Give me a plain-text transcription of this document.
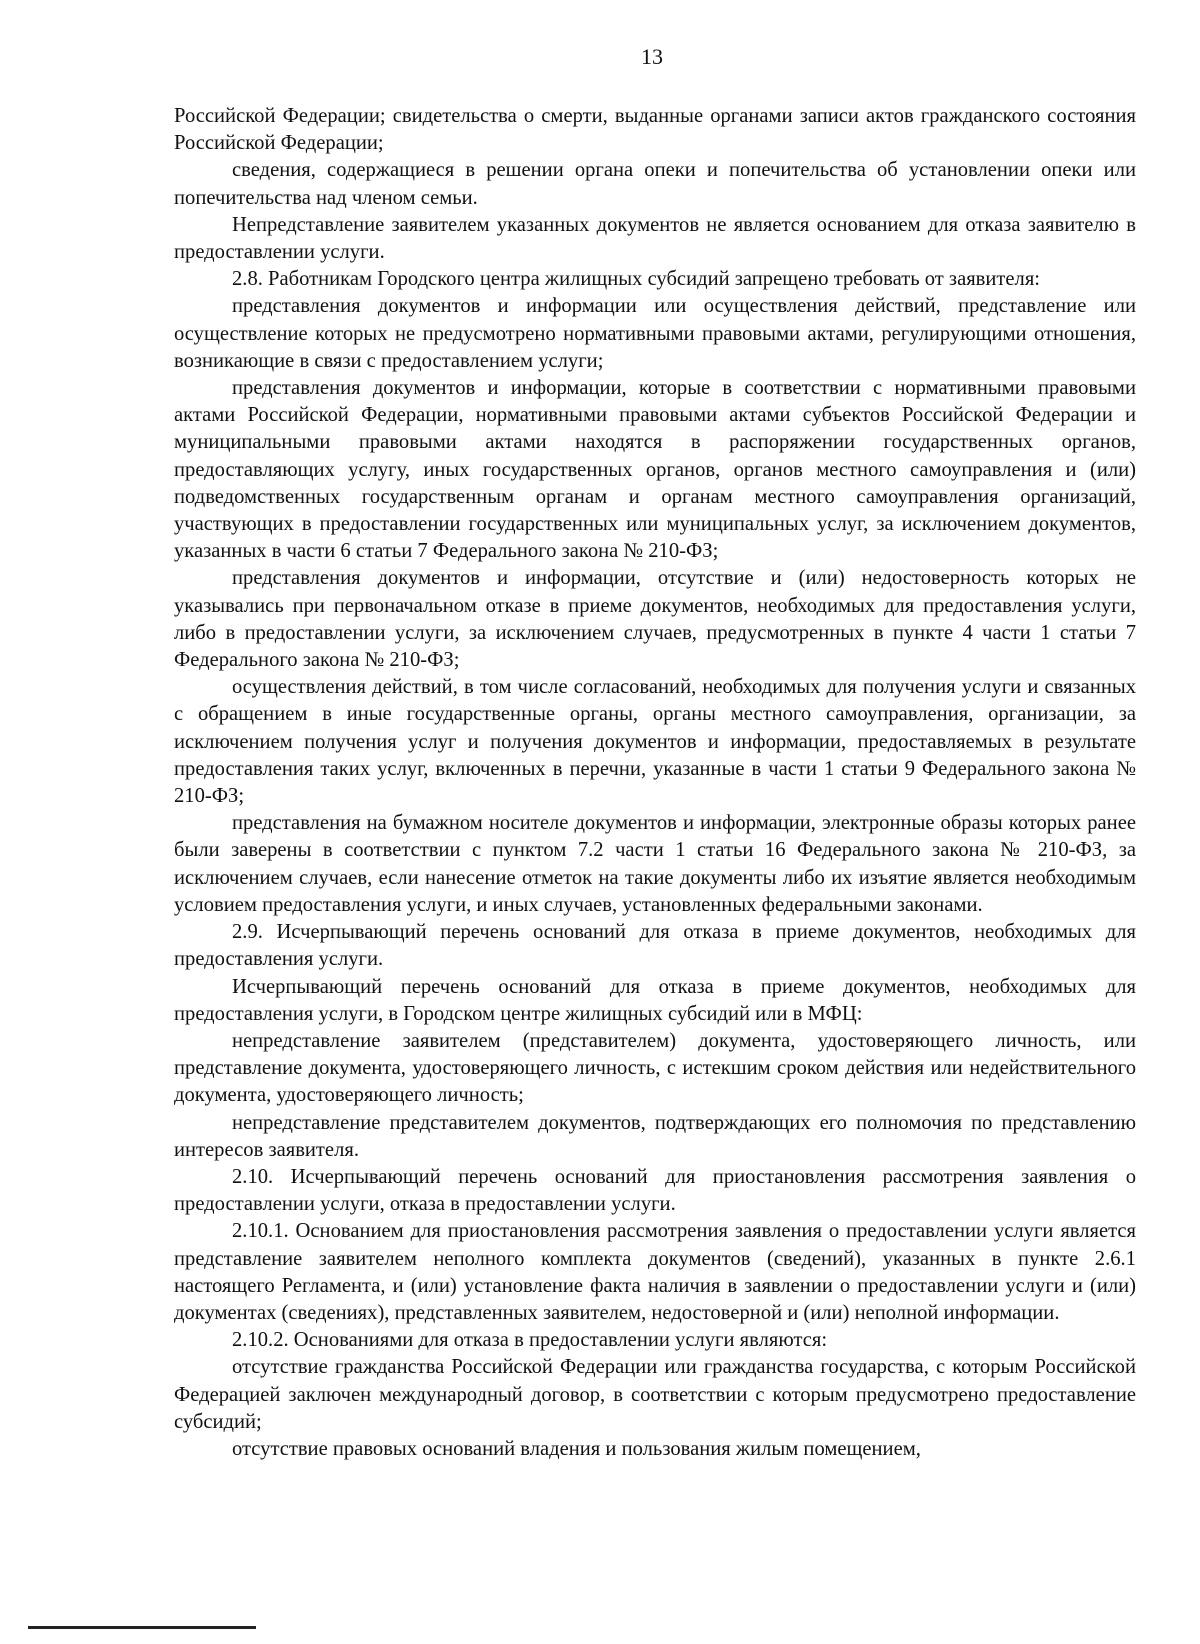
13

Российской Федерации; свидетельства о смерти, выданные органами записи актов гражданского состояния Российской Федерации;

сведения, содержащиеся в решении органа опеки и попечительства об установлении опеки или попечительства над членом семьи.

Непредставление заявителем указанных документов не является основанием для отказа заявителю в предоставлении услуги.

2.8. Работникам Городского центра жилищных субсидий запрещено требовать от заявителя:

представления документов и информации или осуществления действий, представление или осуществление которых не предусмотрено нормативными правовыми актами, регулирующими отношения, возникающие в связи с предоставлением услуги;

представления документов и информации, которые в соответствии с нормативными правовыми актами Российской Федерации, нормативными правовыми актами субъектов Российской Федерации и муниципальными правовыми актами находятся в распоряжении государственных органов, предоставляющих услугу, иных государственных органов, органов местного самоуправления и (или) подведомственных государственным органам и органам местного самоуправления организаций, участвующих в предоставлении государственных или муниципальных услуг, за исключением документов, указанных в части 6 статьи 7 Федерального закона № 210-ФЗ;

представления документов и информации, отсутствие и (или) недостоверность которых не указывались при первоначальном отказе в приеме документов, необходимых для предоставления услуги, либо в предоставлении услуги, за исключением случаев, предусмотренных в пункте 4 части 1 статьи 7 Федерального закона № 210-ФЗ;

осуществления действий, в том числе согласований, необходимых для получения услуги и связанных с обращением в иные государственные органы, органы местного самоуправления, организации, за исключением получения услуг и получения документов и информации, предоставляемых в результате предоставления таких услуг, включенных в перечни, указанные в части 1 статьи 9 Федерального закона № 210-ФЗ;

представления на бумажном носителе документов и информации, электронные образы которых ранее были заверены в соответствии с пунктом 7.2 части 1 статьи 16 Федерального закона № 210-ФЗ, за исключением случаев, если нанесение отметок на такие документы либо их изъятие является необходимым условием предоставления услуги, и иных случаев, установленных федеральными законами.

2.9. Исчерпывающий перечень оснований для отказа в приеме документов, необходимых для предоставления услуги.

Исчерпывающий перечень оснований для отказа в приеме документов, необходимых для предоставления услуги, в Городском центре жилищных субсидий или в МФЦ:

непредставление заявителем (представителем) документа, удостоверяющего личность, или представление документа, удостоверяющего личность, с истекшим сроком действия или недействительного документа, удостоверяющего личность;

непредставление представителем документов, подтверждающих его полномочия по представлению интересов заявителя.

2.10. Исчерпывающий перечень оснований для приостановления рассмотрения заявления о предоставлении услуги, отказа в предоставлении услуги.

2.10.1. Основанием для приостановления рассмотрения заявления о предоставлении услуги является представление заявителем неполного комплекта документов (сведений), указанных в пункте 2.6.1 настоящего Регламента, и (или) установление факта наличия в заявлении о предоставлении услуги и (или) документах (сведениях), представленных заявителем, недостоверной и (или) неполной информации.

2.10.2. Основаниями для отказа в предоставлении услуги являются:

отсутствие гражданства Российской Федерации или гражданства государства, с которым Российской Федерацией заключен международный договор, в соответствии с которым предусмотрено предоставление субсидий;

отсутствие правовых оснований владения и пользования жилым помещением,
